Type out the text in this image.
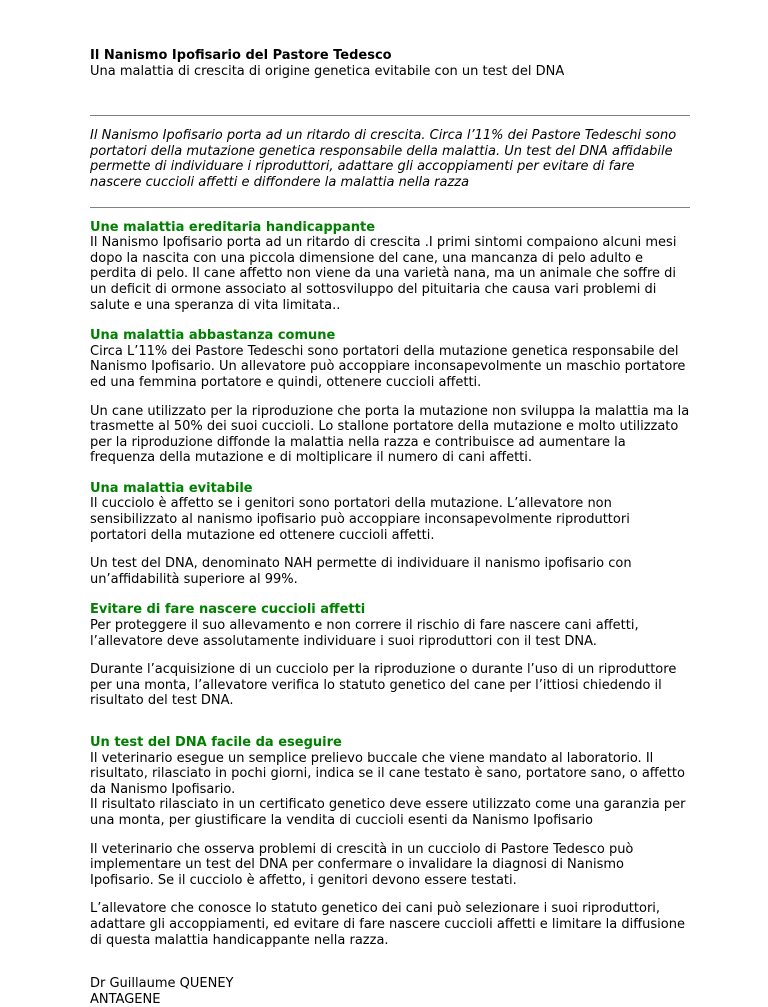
Il Nanismo Ipofisario del Pastore Tedesco

Una malattia di crescita di origine genetica evitabile con un test del DNA

Il Nanismo Ipofisario porta ad un ritardo di crescita. Circa l’11% dei Pastore Tedeschi sono portatori della mutazione genetica responsabile della malattia. Un test del DNA affidabile permette di individuare i riproduttori, adattare gli accoppiamenti per evitare di fare nascere cuccioli affetti e diffondere la malattia nella razza

Une malattia ereditaria handicappante

Il Nanismo Ipofisario porta ad un ritardo di crescita .I primi sintomi compaiono alcuni mesi dopo la nascita con una piccola dimensione del cane, una mancanza di pelo adulto e perdita di pelo. Il cane affetto non viene da una varietà nana, ma un animale che soffre di un deficit di ormone associato al sottosviluppo del pituitaria che causa vari problemi di salute e una speranza di vita limitata..

Una malattia abbastanza comune

Circa L’11% dei Pastore Tedeschi sono portatori della mutazione genetica responsabile del Nanismo Ipofisario. Un allevatore può accoppiare inconsapevolmente un maschio portatore ed una femmina portatore e quindi, ottenere cuccioli affetti.

Un cane utilizzato per la riproduzione che porta la mutazione non sviluppa la malattia ma la trasmette al 50% dei suoi cuccioli. Lo stallone portatore della mutazione e molto utilizzato per la riproduzione diffonde la malattia nella razza e contribuisce ad aumentare la frequenza della mutazione e di moltiplicare il numero di cani affetti.

Una malattia evitabile

Il cucciolo è affetto se i genitori sono portatori della mutazione. L’allevatore non sensibilizzato al nanismo ipofisario può accoppiare inconsapevolmente riproduttori portatori della mutazione ed ottenere cuccioli affetti.

Un test del DNA, denominato NAH permette di individuare il nanismo ipofisario con un’affidabilità superiore al 99%.

Evitare di fare nascere cuccioli affetti

Per proteggere il suo allevamento e non correre il rischio di fare nascere cani affetti, l’allevatore deve assolutamente individuare i suoi riproduttori con il test DNA.

Durante l’acquisizione di un cucciolo per la riproduzione o durante l’uso di un riproduttore per una monta, l’allevatore verifica lo statuto genetico del cane per l’ittiosi chiedendo il risultato del test DNA.

Un test del DNA facile da eseguire

Il veterinario esegue un semplice prelievo buccale che viene mandato al laboratorio. Il risultato, rilasciato in pochi giorni, indica se il cane testato è sano, portatore sano, o affetto da Nanismo Ipofisario.

Il risultato rilasciato in un certificato genetico deve essere utilizzato come una garanzia per una monta, per giustificare la vendita di cuccioli esenti da Nanismo Ipofisario

Il veterinario che osserva problemi di crescità in un cucciolo di Pastore Tedesco può implementare un test del DNA per confermare o invalidare la diagnosi di Nanismo Ipofisario. Se il cucciolo è affetto, i genitori devono essere testati.

L’allevatore che conosce lo statuto genetico dei cani può selezionare i suoi riproduttori, adattare gli accoppiamenti, ed evitare di fare nascere cuccioli affetti e limitare la diffusione di questa malattia handicappante nella razza.

Dr Guillaume QUENEY

ANTAGENE
